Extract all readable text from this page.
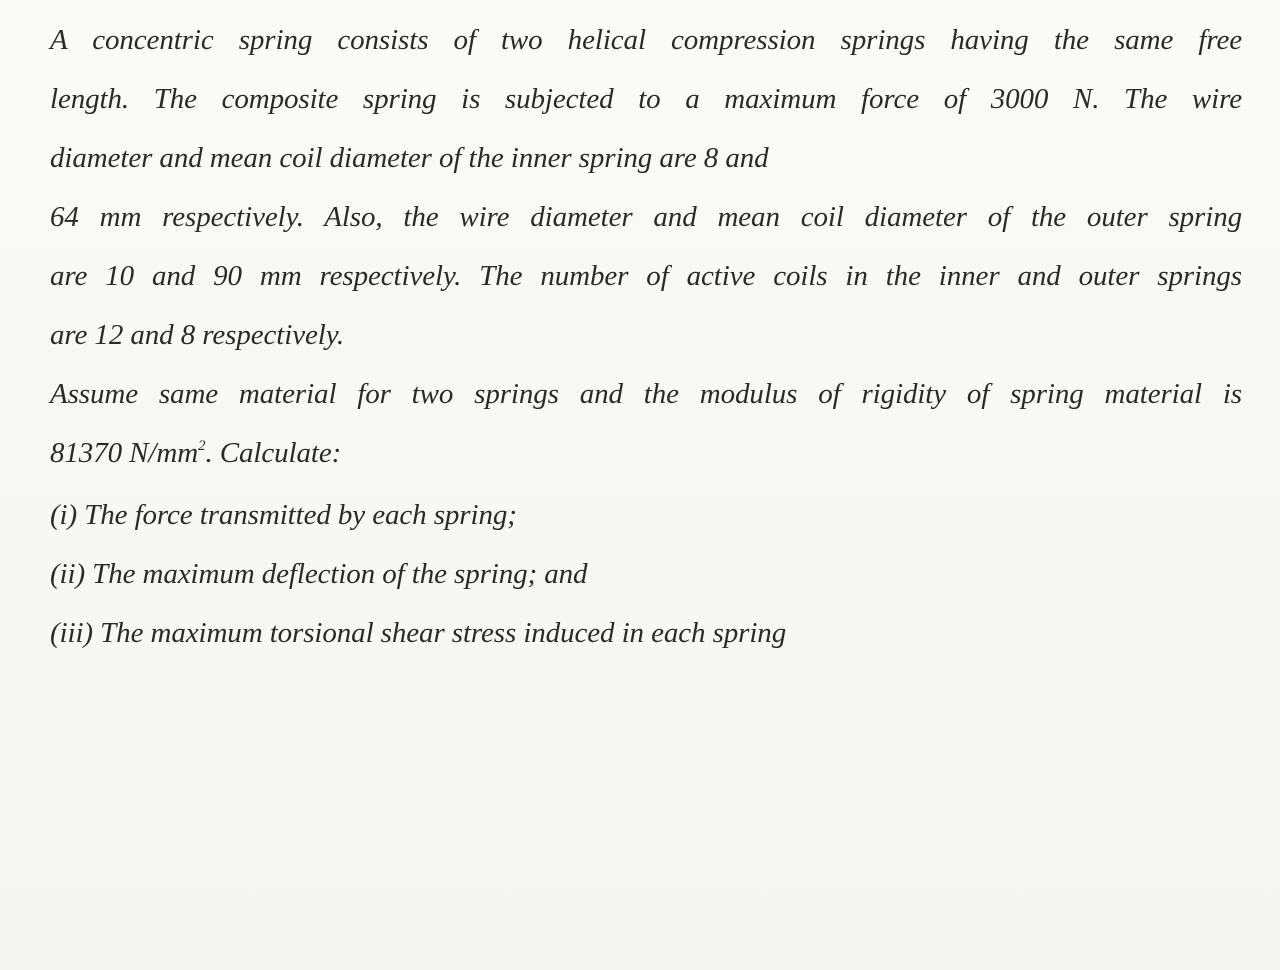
A concentric spring consists of two helical compression springs having the same free

length. The composite spring is subjected to a maximum force of 3000 N. The wire

diameter and mean coil diameter of the inner spring are 8 and

64 mm respectively. Also, the wire diameter and mean coil diameter of the outer spring

are 10 and 90 mm respectively. The number of active coils in the inner and outer springs

are 12 and 8 respectively.

Assume same material for two springs and the modulus of rigidity of spring material is

81370 $N/mm^2$. Calculate:

(i) The force transmitted by each spring;

(ii) The maximum deflection of the spring; and

(iii) The maximum torsional shear stress induced in each spring
